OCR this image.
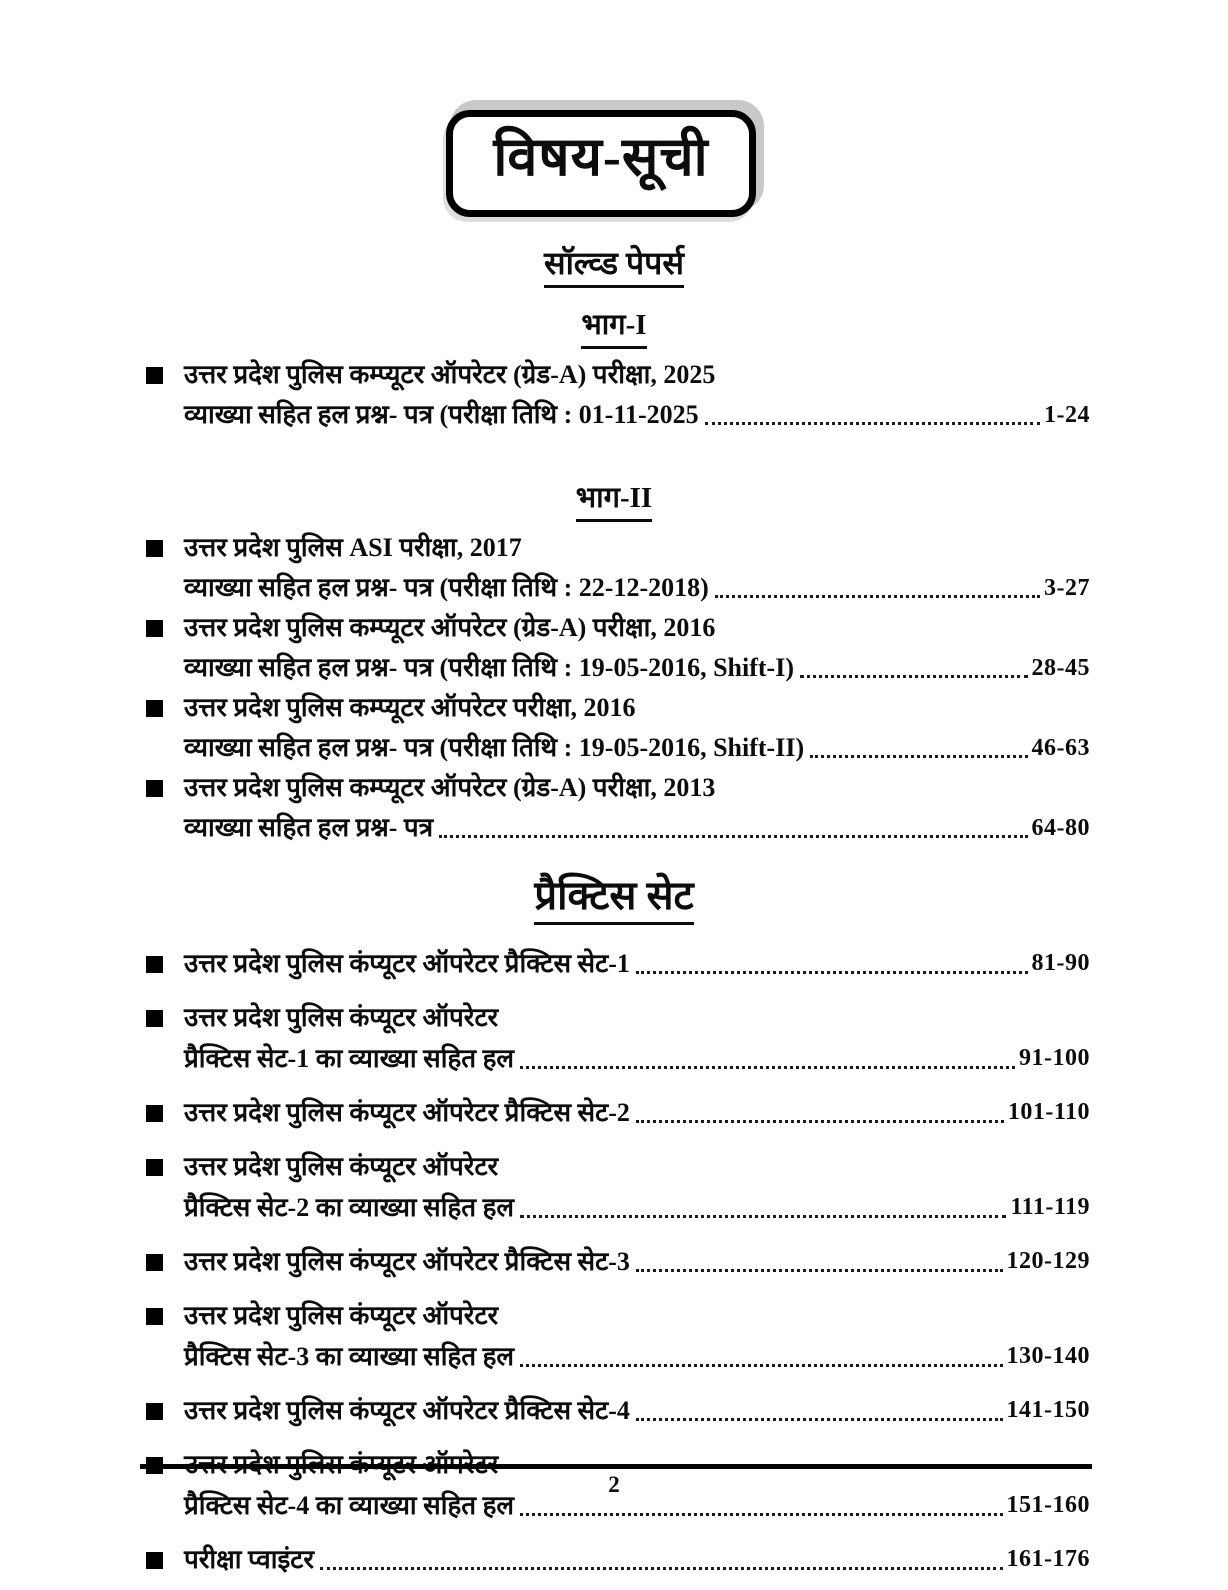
विषय-सूची
सॉल्व्ड पेपर्स
भाग-I
उत्तर प्रदेश पुलिस कम्प्यूटर ऑपरेटर (ग्रेड-A) परीक्षा, 2025
व्याख्या सहित हल प्रश्न- पत्र (परीक्षा तिथि : 01-11-2025	1-24
भाग-II
उत्तर प्रदेश पुलिस ASI परीक्षा, 2017
व्याख्या सहित हल प्रश्न- पत्र (परीक्षा तिथि : 22-12-2018)	3-27
उत्तर प्रदेश पुलिस कम्प्यूटर ऑपरेटर (ग्रेड-A) परीक्षा, 2016
व्याख्या सहित हल प्रश्न- पत्र (परीक्षा तिथि : 19-05-2016, Shift-I)	28-45
उत्तर प्रदेश पुलिस कम्प्यूटर ऑपरेटर परीक्षा, 2016
व्याख्या सहित हल प्रश्न- पत्र (परीक्षा तिथि : 19-05-2016, Shift-II)	46-63
उत्तर प्रदेश पुलिस कम्प्यूटर ऑपरेटर (ग्रेड-A) परीक्षा, 2013
व्याख्या सहित हल प्रश्न- पत्र	64-80
प्रैक्टिस सेट
उत्तर प्रदेश पुलिस कंप्यूटर ऑपरेटर प्रैक्टिस सेट-1	81-90
उत्तर प्रदेश पुलिस कंप्यूटर ऑपरेटर
प्रैक्टिस सेट-1 का व्याख्या सहित हल	91-100
उत्तर प्रदेश पुलिस कंप्यूटर ऑपरेटर प्रैक्टिस सेट-2	101-110
उत्तर प्रदेश पुलिस कंप्यूटर ऑपरेटर
प्रैक्टिस सेट-2 का व्याख्या सहित हल	111-119
उत्तर प्रदेश पुलिस कंप्यूटर ऑपरेटर प्रैक्टिस सेट-3	120-129
उत्तर प्रदेश पुलिस कंप्यूटर ऑपरेटर
प्रैक्टिस सेट-3 का व्याख्या सहित हल	130-140
उत्तर प्रदेश पुलिस कंप्यूटर ऑपरेटर प्रैक्टिस सेट-4	141-150
उत्तर प्रदेश पुलिस कंप्यूटर ऑपरेटर
प्रैक्टिस सेट-4 का व्याख्या सहित हल	151-160
परीक्षा प्वाइंटर	161-176
2
